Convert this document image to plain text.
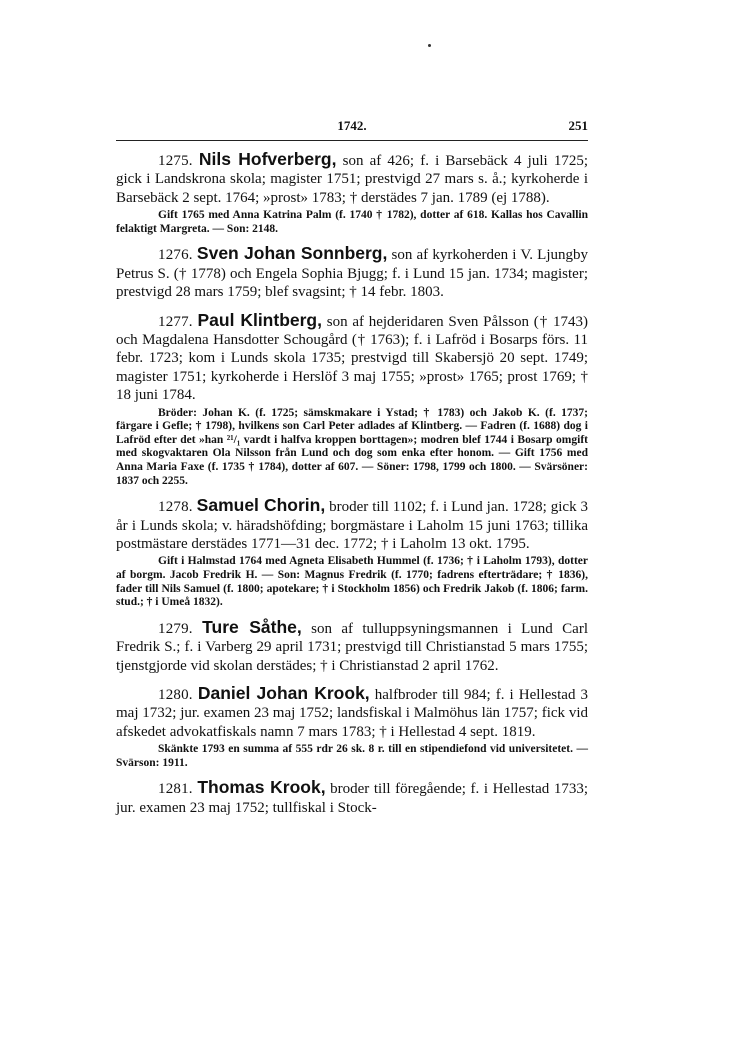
1742.	251

1275. Nils Hofverberg, son af 426; f. i Barsebäck 4 juli 1725; gick i Landskrona skola; magister 1751; prestvigd 27 mars s. å.; kyrkoherde i Barsebäck 2 sept. 1764; »prost» 1783; † derstädes 7 jan. 1789 (ej 1788).

Gift 1765 med Anna Katrina Palm (f. 1740 † 1782), dotter af 618. Kallas hos Cavallin felaktigt Margreta. — Son: 2148.

1276. Sven Johan Sonnberg, son af kyrkoherden i V. Ljungby Petrus S. († 1778) och Engela Sophia Bjugg; f. i Lund 15 jan. 1734; magister; prestvigd 28 mars 1759; blef svagsint; † 14 febr. 1803.

1277. Paul Klintberg, son af hejderidaren Sven Pålsson († 1743) och Magdalena Hansdotter Schougård († 1763); f. i Lafröd i Bosarps förs. 11 febr. 1723; kom i Lunds skola 1735; prestvigd till Skabersjö 20 sept. 1749; magister 1751; kyrkoherde i Herslöf 3 maj 1755; »prost» 1765; prost 1769; † 18 juni 1784.

Bröder: Johan K. (f. 1725; sämskmakare i Ystad; † 1783) och Jakob K. (f. 1737; färgare i Gefle; † 1798), hvilkens son Carl Peter adlades af Klintberg. — Fadren (f. 1688) dog i Lafröd efter det »han ²¹/₁ vardt i halfva kroppen borttagen»; modren blef 1744 i Bosarp omgift med skogvaktaren Ola Nilsson från Lund och dog som enka efter honom. — Gift 1756 med Anna Maria Faxe (f. 1735 † 1784), dotter af 607. — Söner: 1798, 1799 och 1800. — Svärsöner: 1837 och 2255.

1278. Samuel Chorin, broder till 1102; f. i Lund jan. 1728; gick 3 år i Lunds skola; v. häradshöfding; borgmästare i Laholm 15 juni 1763; tillika postmästare derstädes 1771—31 dec. 1772; † i Laholm 13 okt. 1795.

Gift i Halmstad 1764 med Agneta Elisabeth Hummel (f. 1736; † i Laholm 1793), dotter af borgm. Jacob Fredrik H. — Son: Magnus Fredrik (f. 1770; fadrens efterträdare; † 1836), fader till Nils Samuel (f. 1800; apotekare; † i Stockholm 1856) och Fredrik Jakob (f. 1806; farm. stud.; † i Umeå 1832).

1279. Ture Såthe, son af tulluppsyningsmannen i Lund Carl Fredrik S.; f. i Varberg 29 april 1731; prestvigd till Christianstad 5 mars 1755; tjenstgjorde vid skolan derstädes; † i Christianstad 2 april 1762.

1280. Daniel Johan Krook, halfbroder till 984; f. i Hellestad 3 maj 1732; jur. examen 23 maj 1752; landsfiskal i Malmöhus län 1757; fick vid afskedet advokatfiskals namn 7 mars 1783; † i Hellestad 4 sept. 1819.

Skänkte 1793 en summa af 555 rdr 26 sk. 8 r. till en stipendiefond vid universitetet. — Svärson: 1911.

1281. Thomas Krook, broder till föregående; f. i Hellestad 1733; jur. examen 23 maj 1752; tullfiskal i Stock-
